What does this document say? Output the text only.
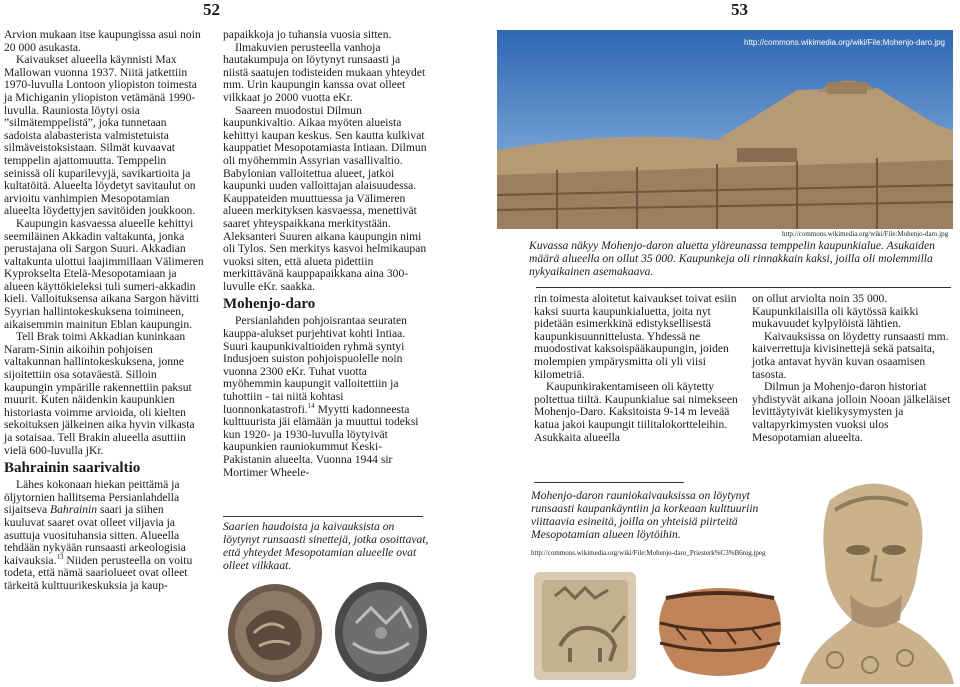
52	53

Arvion mukaan itse kaupungissa asui noin 20 000 asukasta.

Kaivaukset alueella käynnisti Max Mallowan vuonna 1937. Niitä jatkettiin 1970-luvulla Lontoon yliopiston toimesta ja Michiganin yliopiston vetämänä 1990-luvulla. Rauniosta löytyi osia ”silmätemppelistä”, joka tunnetaan sadoista alabasterista valmistetuista silmäveistoksistaan. Silmät kuvaavat temppelin ajattomuutta. Temppelin seinissä oli kuparilevyjä, savikartioita ja kultatöitä. Alueelta löydetyt savitaulut on arvioitu vanhimpien Mesopotamian alueelta löydettyjen savitöiden joukkoon.

Kaupungin kasvaessa alueelle kehittyi seemiläinen Akkadin valtakunta, jonka perustajana oli Sargon Suuri. Akkadian valtakunta ulottui laajimmillaan Välimeren Kyprokselta Etelä-Mesopotamiaan ja alueen käyttökieleksi tuli sumeri-akkadin kieli. Valloituksensa aikana Sargon hävitti Syyrian hallintokeskuksena toimineen, aikaisemmin mainitun Eblan kaupungin.

Tell Brak toimi Akkadian kuninkaan Naram-Sinin aikoihin pohjoisen valtakunnan hallintokeskuksena, jonne sijoitettiin osa sotaväestä. Silloin kaupungin ympärille rakennettiin paksut muurit. Kuten näidenkin kaupunkien historiasta voimme arvioida, oli kielten sekoituksen jälkeinen aika hyvin vilkasta ja sotaisaa. Tell Brakin alueella asuttiin vielä 600-luvulla jKr.

Bahrainin saarivaltio

Lähes kokonaan hiekan peittämä ja öljytornien hallitsema Persianlahdella sijaitseva Bahrainin saari ja siihen kuuluvat saaret ovat olleet viljavia ja asuttuja vuosituhansia sitten. Alueella tehdään nykyään runsaasti arkeologisia kaivauksia.$^{13}$ Niiden perusteella on voitu todeta, että nämä saariolueet ovat olleet tärkeitä kulttuurikeskuksia ja kaup-

papaikkoja jo tuhansia vuosia sitten.

Ilmakuvien perusteella vanhoja hautakumpuja on löytynyt runsaasti ja niistä saatujen todisteiden mukaan yhteydet mm. Urin kaupungin kanssa ovat olleet vilkkaat jo 2000 vuotta eKr.

Saareen muodostui Dilmun kaupunkivaltio. Aikaa myöten alueista kehittyi kaupan keskus. Sen kautta kulkivat kauppatiet Mesopotamiasta Intiaan. Dilmun oli myöhemmin Assyrian vasallivaltio. Babylonian valloitettua alueet, jatkoi kaupunki uuden valloittajan alaisuudessa. Kauppateiden muuttuessa ja Välimeren alueen merkityksen kasvaessa, menettivät saaret yhteyspaikkana merkitystään. Aleksanteri Suuren aikana kaupungin nimi oli Tylos. Sen merkitys kasvoi helmikaupan vuoksi siten, että alueta pidettiin merkittävänä kauppapaikkana aina 300-luvulle eKr. saakka.

Mohenjo-daro

Persianlahden pohjoisrantaa seuraten kauppa-alukset purjehtivat kohti Intiaa. Suuri kaupunkivaltioiden ryhmä syntyi Indusjoen suiston pohjoispuolelle noin vuonna 2300 eKr. Tuhat vuotta myöhemmin kaupungit valloitettiin ja tuhottiin - tai niitä kohtasi luonnonkatastrofi.$^{14}$ Myytti kadonneesta kulttuurista jäi elämään ja muuttui todeksi kun 1920- ja 1930-luvulla löytyivät kaupunkien rauniokummut Keski-Pakistanin alueelta. Vuonna 1944 sir Mortimer Wheele-

Saarien haudoista ja kaivauksista on löytynyt runsaasti sinettejä, jotka osoittavat, että yhteydet Mesopotamian alueelle ovat olleet vilkkaat.
http://commons.wikimedia.org/wiki/File:Mohenjo-daro.jpg
http://commons.wikimedia.org/wiki/File:Mohenjo-daro.jpg
Kuvassa näkyy Mohenjo-daron aluetta yläreunassa temppelin kaupunkialue. Asukaiden määrä alueella on ollut 35 000. Kaupunkeja oli rinnakkain kaksi, joilla oli molemmilla nykyaikainen asemakaava.

rin toimesta aloitetut kaivaukset toivat esiin kaksi suurta kaupunkialuetta, joita nyt pidetään esimerkkinä edistyksellisestä kaupunkisuunnittelusta. Yhdessä ne muodostivat kaksoispääkaupungin, joiden molempien ympärysmitta oli yli viisi kilometriä.

Kaupunkirakentamiseen oli käytetty poltettua tiiltä. Kaupunkialue sai nimekseen Mohenjo-Daro. Kaksitoista 9-14 m leveää katua jakoi kaupungit tiilitalokortteleihin. Asukkaita alueella

on ollut arviolta noin 35 000. Kaupunkilaisilla oli käytössä kaikki mukavuudet kylpylöistä lähtien.

Kaivauksissa on löydetty runsaasti mm. kaiverrettuja kivisinettejä sekä patsaita, jotka antavat hyvän kuvan osaamisen tasosta.

Dilmun ja Mohenjo-daron historiat yhdistyvät aikana jolloin Nooan jälkeläiset levittäytyivät kielikysymysten ja valtapyrkimysten vuoksi ulos Mesopotamian alueelta.

Mohenjo-daron rauniokaivauksissa on löytynyt runsaasti kaupankäyntiin ja korkeaan kulttuuriin viittaavia esineitä, joilla on yhteisiä piirteitä Mesopotamian alueen löytöihin.
http://commons.wikimedia.org/wiki/File:Mohenjo-daro_Priesterk%C3%B6nig.jpeg
